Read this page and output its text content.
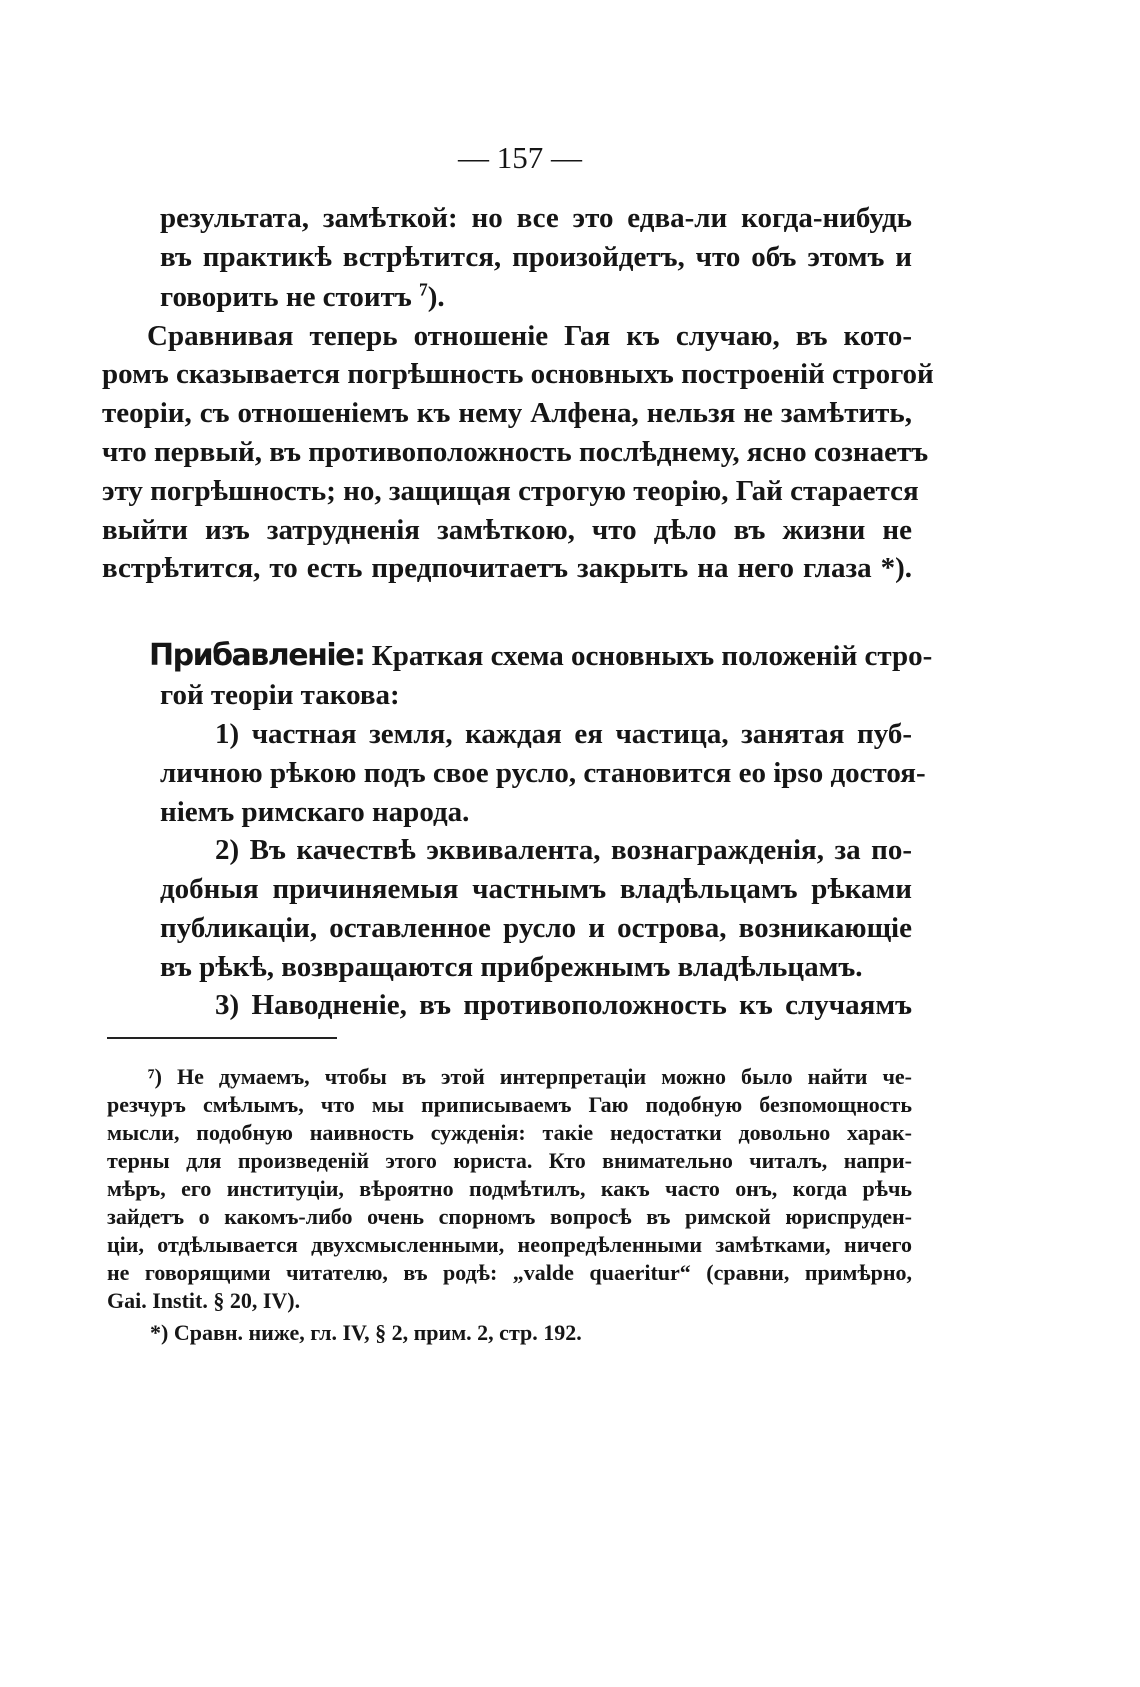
— 157 —
результата, замѣткой: но все это едва-ли когда-нибудь
въ практикѣ встрѣтится, произойдетъ, что объ этомъ и
говорить не стоитъ $^7$).
Сравнивая теперь отношеніе Гая къ случаю, въ кото-
ромъ сказывается погрѣшность основныхъ построеній строгой
теоріи, съ отношеніемъ къ нему Алфена, нельзя не замѣтить,
что первый, въ противоположность послѣднему, ясно сознаетъ
эту погрѣшность; но, защищая строгую теорію, Гай старается
выйти изъ затрудненія замѣткою, что дѣло въ жизни не
встрѣтится, то есть предпочитаетъ закрыть на него глаза *).
Прибавленіе: Краткая схема основныхъ положеній стро-
гой теоріи такова:
1) частная земля, каждая ея частица, занятая пуб-
личною рѣкою подъ свое русло, становится eo ipso достоя-
ніемъ римскаго народа.
2) Въ качествѣ эквивалента, вознагражденія, за по-
добныя причиняемыя частнымъ владѣльцамъ рѣками
публикаціи, оставленное русло и острова, возникающіе
въ рѣкѣ, возвращаются прибрежнымъ владѣльцамъ.
3) Наводненіе, въ противоположность къ случаямъ
⁷) Не думаемъ, чтобы въ этой интерпретаціи можно было найти че-
резчуръ смѣлымъ, что мы приписываемъ Гаю подобную безпомощность
мысли, подобную наивность сужденія: такіе недостатки довольно харак-
терны для произведеній этого юриста. Кто внимательно читалъ, напри-
мѣръ, его институціи, вѣроятно подмѣтилъ, какъ часто онъ, когда рѣчь
зайдетъ о какомъ-либо очень спорномъ вопросѣ въ римской юриспруден-
ціи, отдѣлывается двухсмысленными, неопредѣленными замѣтками, ничего
не говорящими читателю, въ родѣ: „valde quaeritur“ (сравни, примѣрно,
Gai. Instit. § 20, IV).
*) Сравн. ниже, гл. IV, § 2, прим. 2, стр. 192.
